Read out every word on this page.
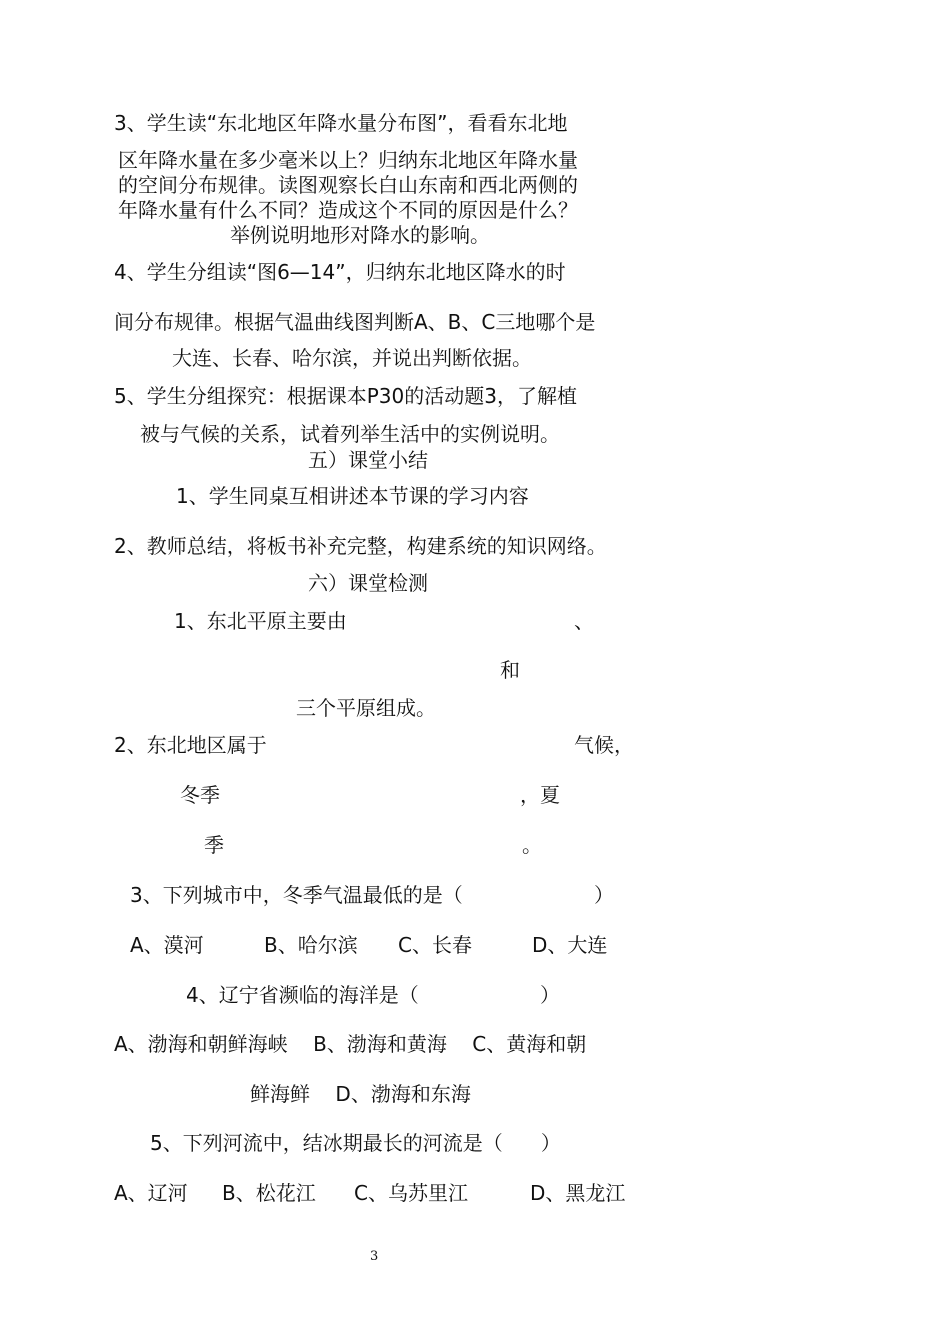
3、学生读“东北地区年降水量分布图”，看看东北地
区年降水量在多少毫米以上？归纳东北地区年降水量
的空间分布规律。读图观察长白山东南和西北两侧的
年降水量有什么不同？造成这个不同的原因是什么？
举例说明地形对降水的影响。
4、学生分组读“图6—14”，归纳东北地区降水的时
间分布规律。根据气温曲线图判断A、B、C三地哪个是
大连、长春、哈尔滨，并说出判断依据。
5、学生分组探究：根据课本P30的活动题3，了解植
被与气候的关系，试着列举生活中的实例说明。
五）课堂小结
1、学生同桌互相讲述本节课的学习内容
2、教师总结，将板书补充完整，构建系统的知识网络。
六）课堂检测
1、东北平原主要由	、
和
三个平原组成。
2、东北地区属于	气候，
冬季	，夏
季	。
3、下列城市中，冬季气温最低的是（	）
A、漠河	B、哈尔滨 C、长春	D、大连
4、辽宁省濒临的海洋是（	）
A、渤海和朝鲜海峡    B、渤海和黄海    C、黄海和朝
鲜海鲜    D、渤海和东海
5、下列河流中，结冰期最长的河流是（      ）
A、辽河 B、松花江 C、乌苏里江	D、黑龙江
3
